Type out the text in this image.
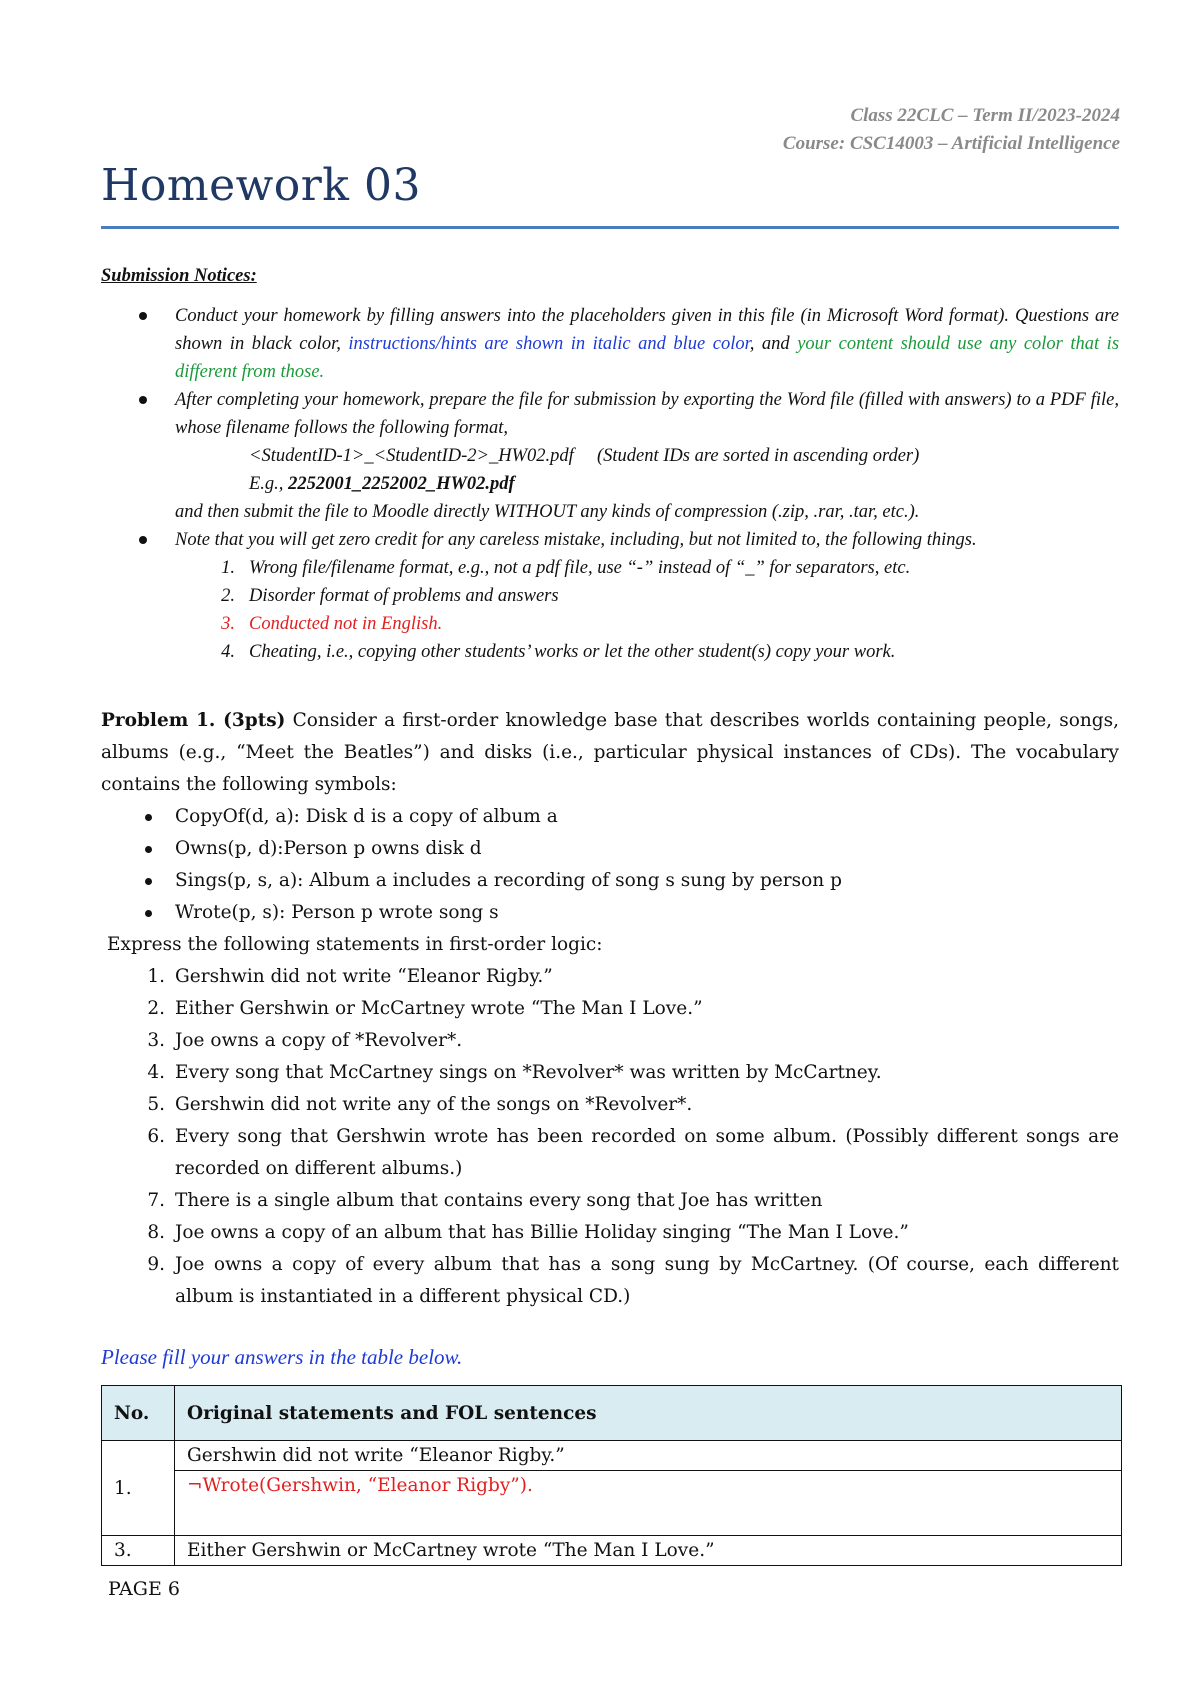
Class 22CLC – Term II/2023-2024
Course: CSC14003 – Artificial Intelligence
Homework 03
Submission Notices:
Conduct your homework by filling answers into the placeholders given in this file (in Microsoft Word format). Questions are shown in black color, instructions/hints are shown in italic and blue color, and your content should use any color that is different from those.
After completing your homework, prepare the file for submission by exporting the Word file (filled with answers) to a PDF file, whose filename follows the following format,
<StudentID-1>_<StudentID-2>_HW02.pdf (Student IDs are sorted in ascending order)
E.g., 2252001_2252002_HW02.pdf
and then submit the file to Moodle directly WITHOUT any kinds of compression (.zip, .rar, .tar, etc.).
Note that you will get zero credit for any careless mistake, including, but not limited to, the following things.
1. Wrong file/filename format, e.g., not a pdf file, use “-” instead of “_” for separators, etc.
2. Disorder format of problems and answers
3. Conducted not in English.
4. Cheating, i.e., copying other students’ works or let the other student(s) copy your work.
Problem 1. (3pts) Consider a first-order knowledge base that describes worlds containing people, songs, albums (e.g., “Meet the Beatles”) and disks (i.e., particular physical instances of CDs). The vocabulary contains the following symbols:
CopyOf(d, a): Disk d is a copy of album a
Owns(p, d):Person p owns disk d
Sings(p, s, a): Album a includes a recording of song s sung by person p
Wrote(p, s): Person p wrote song s
Express the following statements in first-order logic:
1. Gershwin did not write “Eleanor Rigby.”
2. Either Gershwin or McCartney wrote “The Man I Love.”
3. Joe owns a copy of *Revolver*.
4. Every song that McCartney sings on *Revolver* was written by McCartney.
5. Gershwin did not write any of the songs on *Revolver*.
6. Every song that Gershwin wrote has been recorded on some album. (Possibly different songs are recorded on different albums.)
7. There is a single album that contains every song that Joe has written
8. Joe owns a copy of an album that has Billie Holiday singing “The Man I Love.”
9. Joe owns a copy of every album that has a song sung by McCartney. (Of course, each different album is instantiated in a different physical CD.)
Please fill your answers in the table below.
No.	Original statements and FOL sentences
1.	Gershwin did not write “Eleanor Rigby.”
	¬Wrote(Gershwin, “Eleanor Rigby”).
3.	Either Gershwin or McCartney wrote “The Man I Love.”
PAGE 6
